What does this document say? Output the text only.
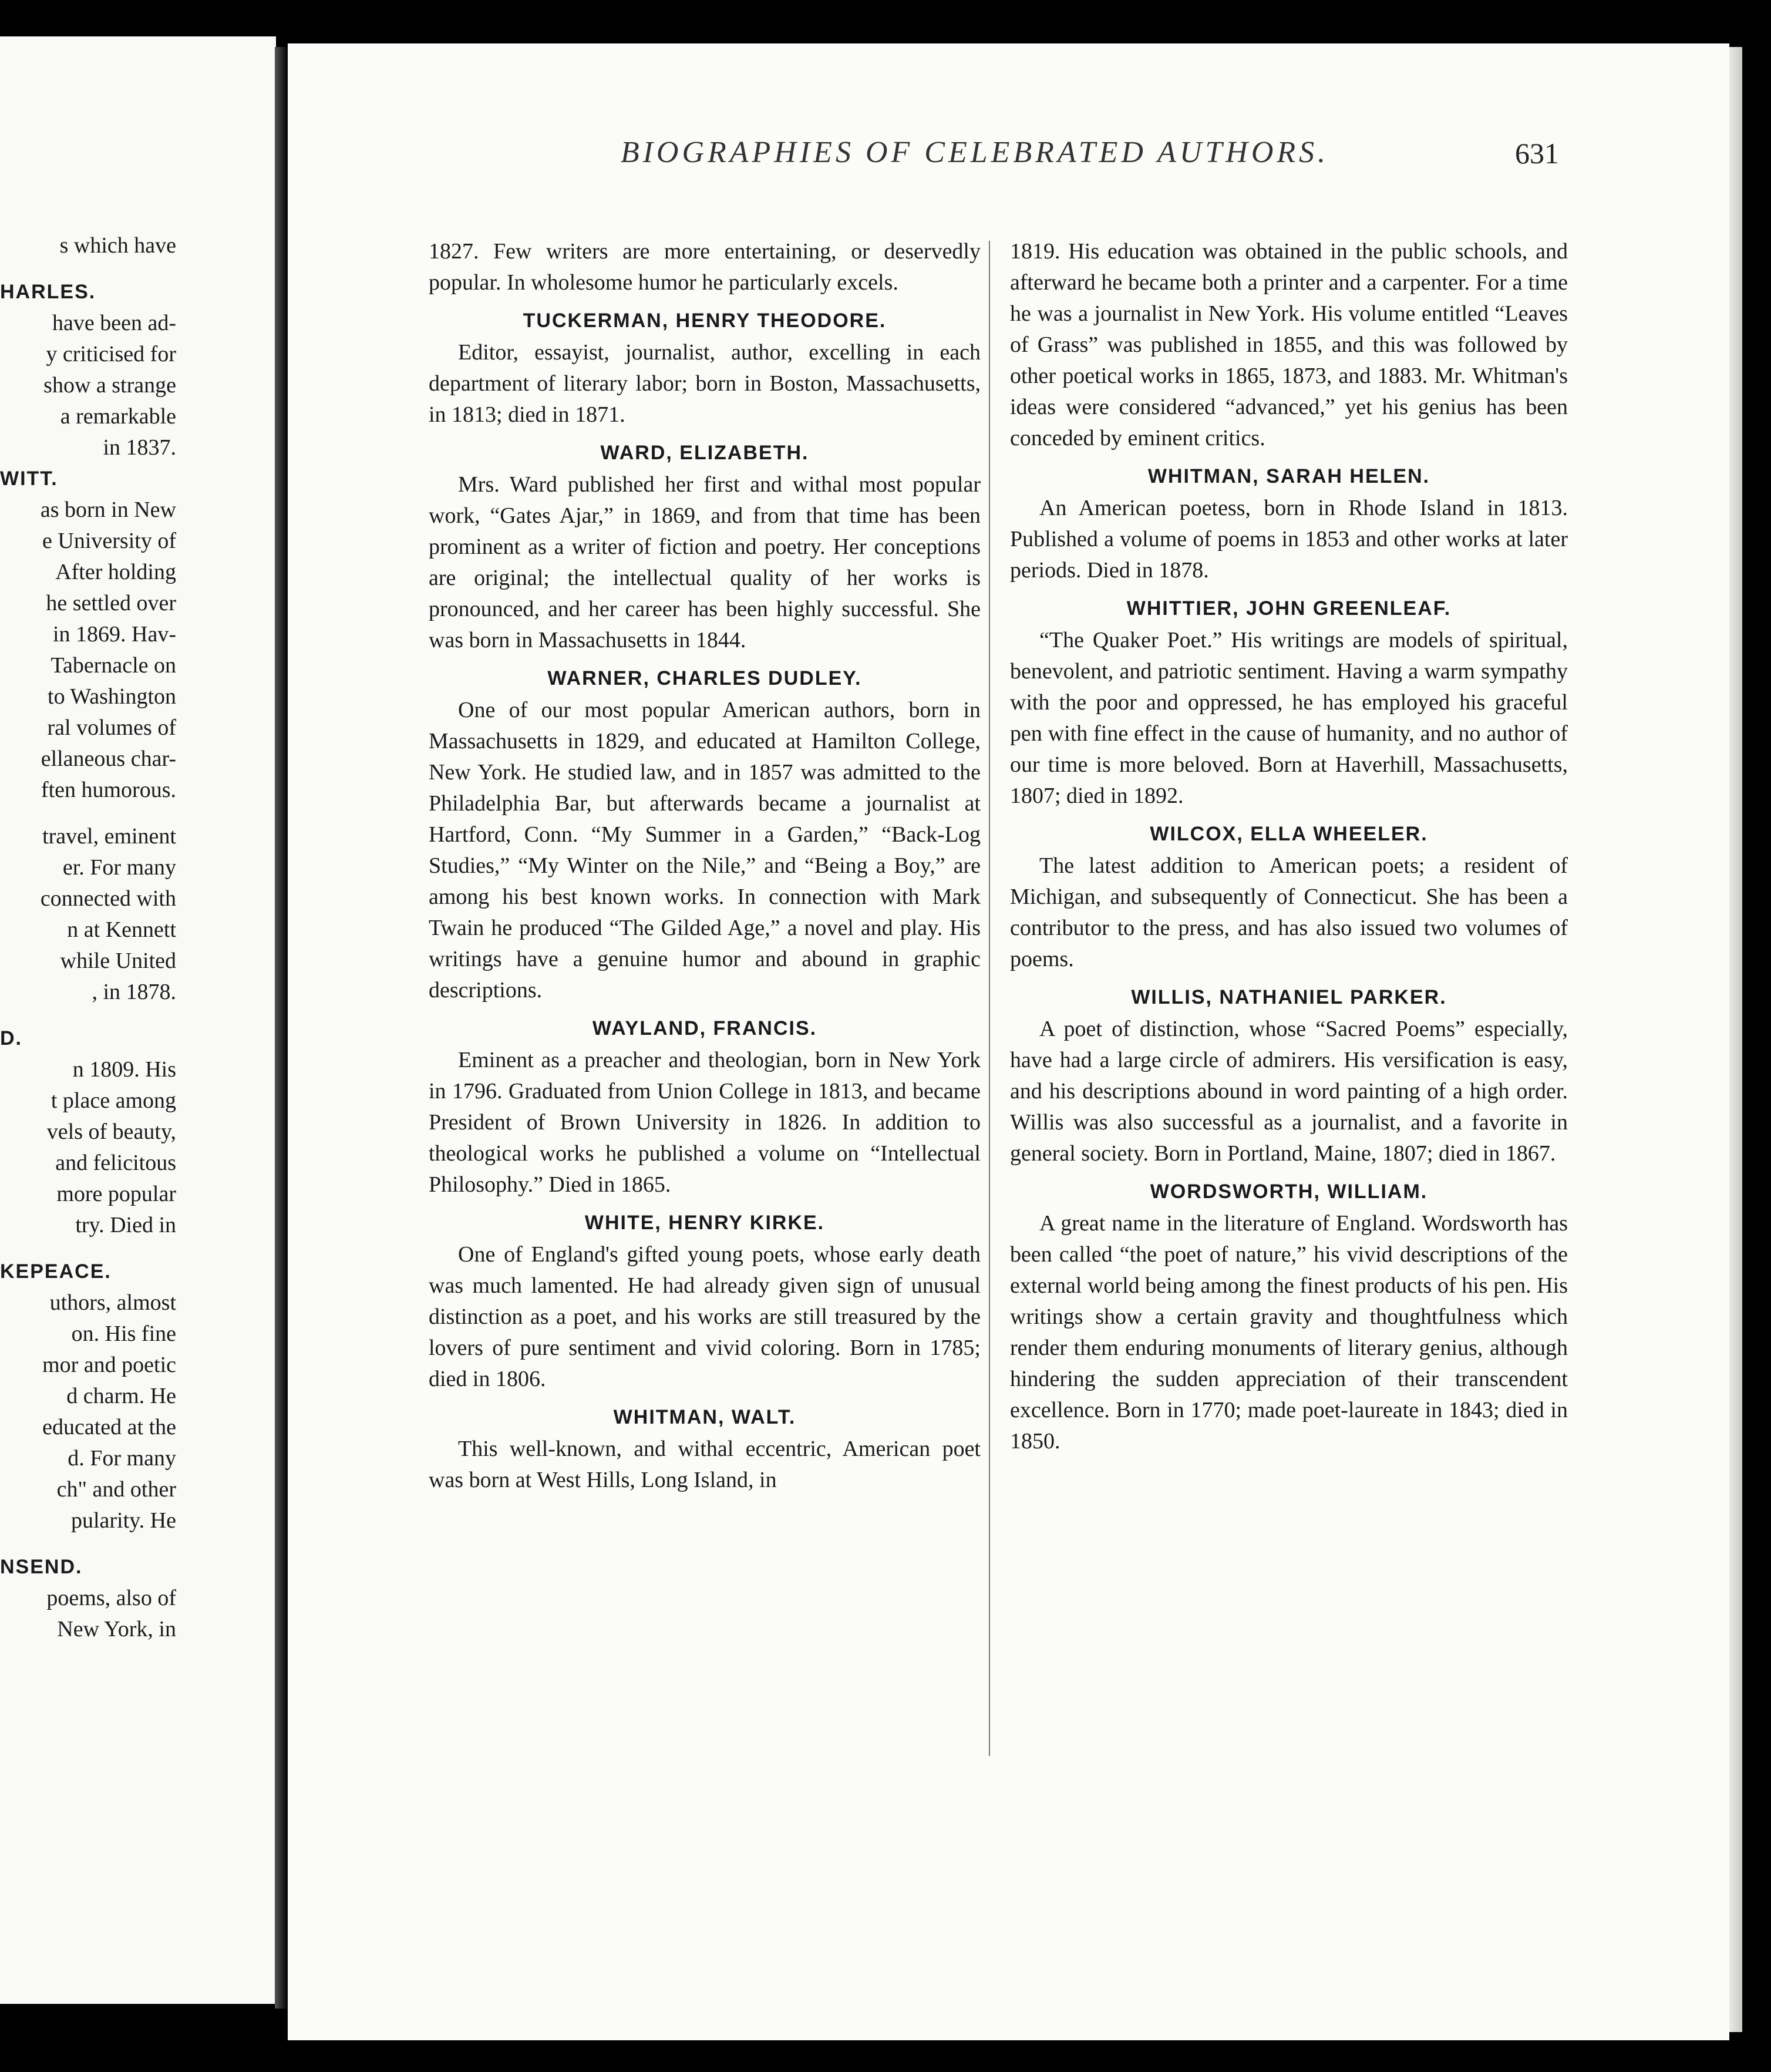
s which have
HARLES.
have been ad-
y criticised for
show a strange
a remarkable
in 1837.
WITT.
as born in New
e University of
After holding
he settled over
in 1869. Hav-
Tabernacle on
to Washington
ral volumes of
ellaneous char-
ften humorous.
travel, eminent
er. For many
connected with
n at Kennett
while United
, in 1878.
D.
n 1809. His
t place among
vels of beauty,
and felicitous
more popular
try. Died in
KEPEACE.
uthors, almost
on. His fine
mor and poetic
d charm. He
educated at the
d. For many
ch" and other
pularity. He
NSEND.
poems, also of
New York, in
BIOGRAPHIES OF CELEBRATED AUTHORS.	631

1827. Few writers are more entertaining, or deservedly popular. In wholesome humor he particularly excels.

TUCKERMAN, HENRY THEODORE.

Editor, essayist, journalist, author, excelling in each department of literary labor; born in Boston, Massachusetts, in 1813; died in 1871.

WARD, ELIZABETH.

Mrs. Ward published her first and withal most popular work, “Gates Ajar,” in 1869, and from that time has been prominent as a writer of fiction and poetry. Her conceptions are original; the intellectual quality of her works is pronounced, and her career has been highly successful. She was born in Massachusetts in 1844.

WARNER, CHARLES DUDLEY.

One of our most popular American authors, born in Massachusetts in 1829, and educated at Hamilton College, New York. He studied law, and in 1857 was admitted to the Philadelphia Bar, but afterwards became a journalist at Hartford, Conn. “My Summer in a Garden,” “Back-Log Studies,” “My Winter on the Nile,” and “Being a Boy,” are among his best known works. In connection with Mark Twain he produced “The Gilded Age,” a novel and play. His writings have a genuine humor and abound in graphic descriptions.

WAYLAND, FRANCIS.

Eminent as a preacher and theologian, born in New York in 1796. Graduated from Union College in 1813, and became President of Brown University in 1826. In addition to theological works he published a volume on “Intellectual Philosophy.” Died in 1865.

WHITE, HENRY KIRKE.

One of England's gifted young poets, whose early death was much lamented. He had already given sign of unusual distinction as a poet, and his works are still treasured by the lovers of pure sentiment and vivid coloring. Born in 1785; died in 1806.

WHITMAN, WALT.

This well-known, and withal eccentric, American poet was born at West Hills, Long Island, in

1819. His education was obtained in the public schools, and afterward he became both a printer and a carpenter. For a time he was a journalist in New York. His volume entitled “Leaves of Grass” was published in 1855, and this was followed by other poetical works in 1865, 1873, and 1883. Mr. Whitman's ideas were considered “advanced,” yet his genius has been conceded by eminent critics.

WHITMAN, SARAH HELEN.

An American poetess, born in Rhode Island in 1813. Published a volume of poems in 1853 and other works at later periods. Died in 1878.

WHITTIER, JOHN GREENLEAF.

“The Quaker Poet.” His writings are models of spiritual, benevolent, and patriotic sentiment. Having a warm sympathy with the poor and oppressed, he has employed his graceful pen with fine effect in the cause of humanity, and no author of our time is more beloved. Born at Haverhill, Massachusetts, 1807; died in 1892.

WILCOX, ELLA WHEELER.

The latest addition to American poets; a resident of Michigan, and subsequently of Connecticut. She has been a contributor to the press, and has also issued two volumes of poems.

WILLIS, NATHANIEL PARKER.

A poet of distinction, whose “Sacred Poems” especially, have had a large circle of admirers. His versification is easy, and his descriptions abound in word painting of a high order. Willis was also successful as a journalist, and a favorite in general society. Born in Portland, Maine, 1807; died in 1867.

WORDSWORTH, WILLIAM.

A great name in the literature of England. Wordsworth has been called “the poet of nature,” his vivid descriptions of the external world being among the finest products of his pen. His writings show a certain gravity and thoughtfulness which render them enduring monuments of literary genius, although hindering the sudden appreciation of their transcendent excellence. Born in 1770; made poet-laureate in 1843; died in 1850.
